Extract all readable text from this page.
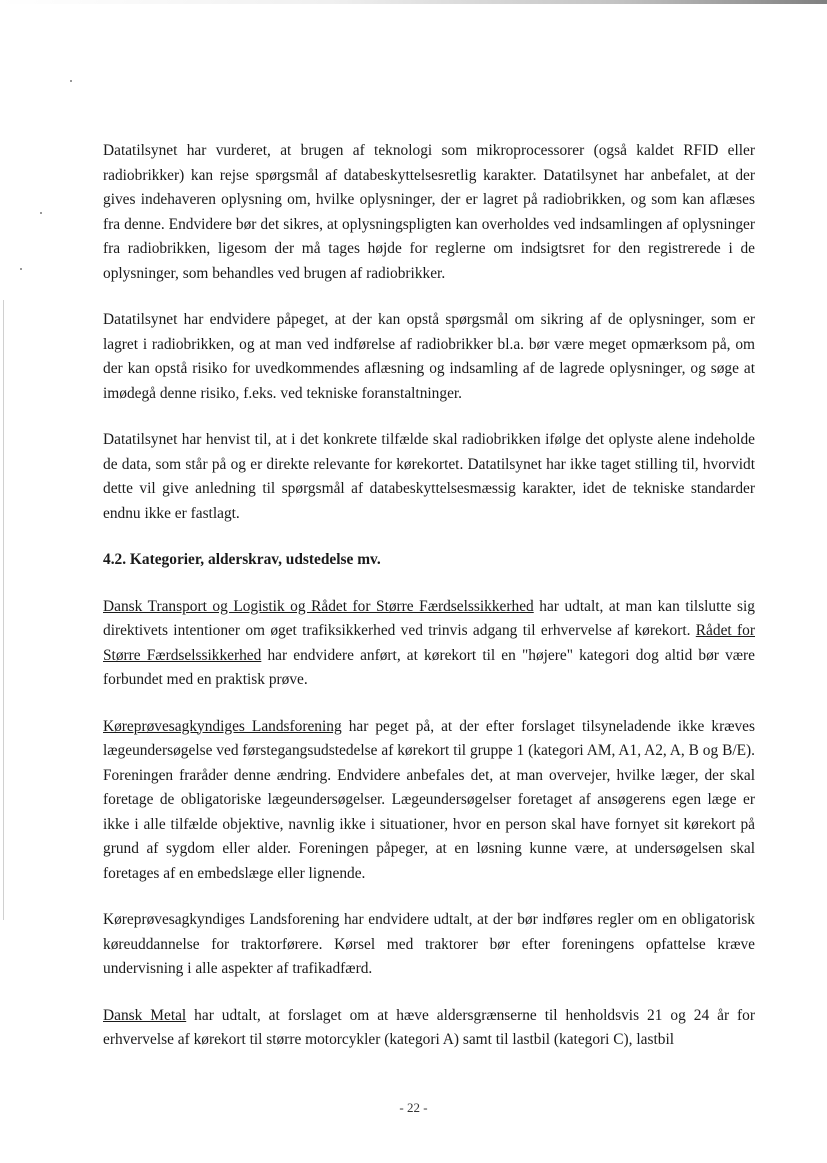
Datatilsynet har vurderet, at brugen af teknologi som mikroprocessorer (også kaldet RFID eller radiobrikker) kan rejse spørgsmål af databeskyttelsesretlig karakter. Datatilsynet har anbefalet, at der gives indehaveren oplysning om, hvilke oplysninger, der er lagret på radiobrikken, og som kan aflæses fra denne. Endvidere bør det sikres, at oplysningspligten kan overholdes ved indsamlingen af oplysninger fra radiobrikken, ligesom der må tages højde for reglerne om indsigtsret for den registrerede i de oplysninger, som behandles ved brugen af radiobrikker.

Datatilsynet har endvidere påpeget, at der kan opstå spørgsmål om sikring af de oplysninger, som er lagret i radiobrikken, og at man ved indførelse af radiobrikker bl.a. bør være meget opmærksom på, om der kan opstå risiko for uvedkommendes aflæsning og indsamling af de lagrede oplysninger, og søge at imødegå denne risiko, f.eks. ved tekniske foranstaltninger.

Datatilsynet har henvist til, at i det konkrete tilfælde skal radiobrikken ifølge det oplyste alene indeholde de data, som står på og er direkte relevante for kørekortet. Datatilsynet har ikke taget stilling til, hvorvidt dette vil give anledning til spørgsmål af databeskyttelsesmæssig karakter, idet de tekniske standarder endnu ikke er fastlagt.

4.2. Kategorier, alderskrav, udstedelse mv.

Dansk Transport og Logistik og Rådet for Større Færdselssikkerhed har udtalt, at man kan tilslutte sig direktivets intentioner om øget trafiksikkerhed ved trinvis adgang til erhvervelse af kørekort. Rådet for Større Færdselssikkerhed har endvidere anført, at kørekort til en "højere" kategori dog altid bør være forbundet med en praktisk prøve.

Køreprøvesagkyndiges Landsforening har peget på, at der efter forslaget tilsyneladende ikke kræves lægeundersøgelse ved førstegangsudstedelse af kørekort til gruppe 1 (kategori AM, A1, A2, A, B og B/E). Foreningen fraråder denne ændring. Endvidere anbefales det, at man overvejer, hvilke læger, der skal foretage de obligatoriske lægeundersøgelser. Lægeundersøgelser foretaget af ansøgerens egen læge er ikke i alle tilfælde objektive, navnlig ikke i situationer, hvor en person skal have fornyet sit kørekort på grund af sygdom eller alder. Foreningen påpeger, at en løsning kunne være, at undersøgelsen skal foretages af en embedslæge eller lignende.

Køreprøvesagkyndiges Landsforening har endvidere udtalt, at der bør indføres regler om en obligatorisk køreuddannelse for traktorførere. Kørsel med traktorer bør efter foreningens opfattelse kræve undervisning i alle aspekter af trafikadfærd.

Dansk Metal har udtalt, at forslaget om at hæve aldersgrænserne til henholdsvis 21 og 24 år for erhvervelse af kørekort til større motorcykler (kategori A) samt til lastbil (kategori C), lastbil

- 22 -
